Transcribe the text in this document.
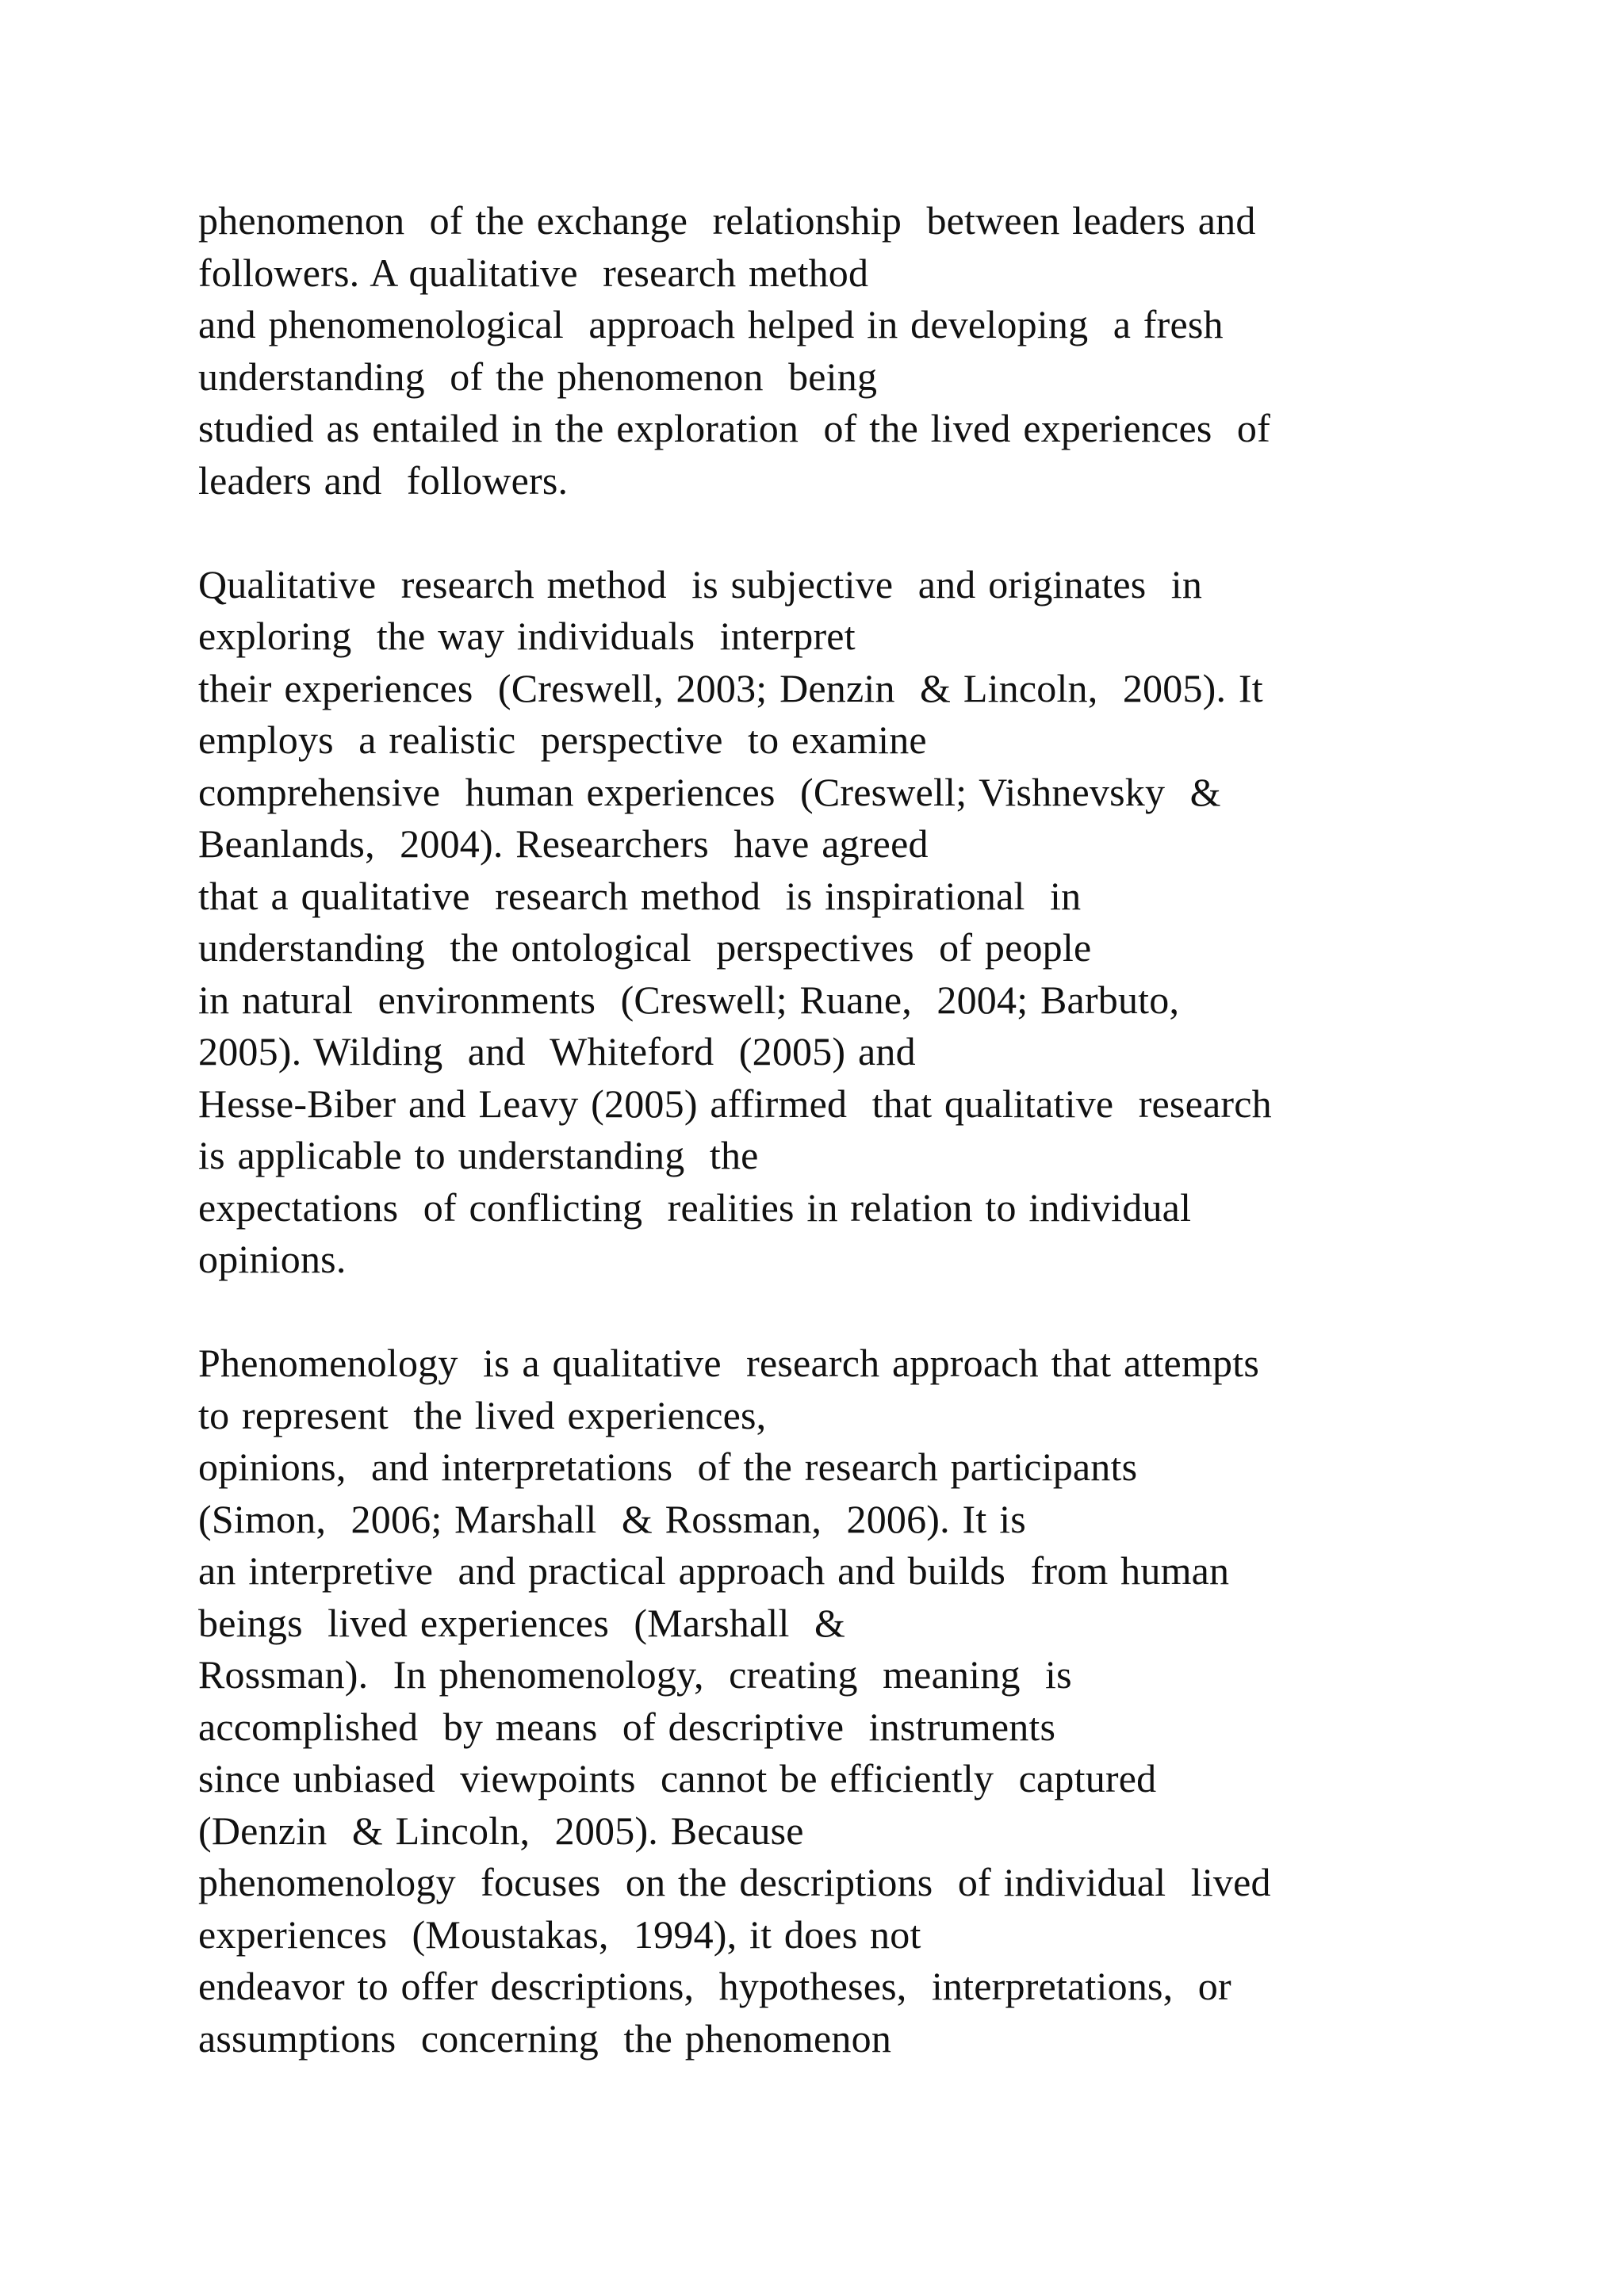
phenomenon  of the exchange  relationship  between leaders and
followers. A qualitative  research method
and phenomenological  approach helped in developing  a fresh
understanding  of the phenomenon  being
studied as entailed in the exploration  of the lived experiences  of
leaders and  followers.
Qualitative  research method  is subjective  and originates  in
exploring  the way individuals  interpret
their experiences  (Creswell, 2003; Denzin  & Lincoln,  2005). It
employs  a realistic  perspective  to examine
comprehensive  human experiences  (Creswell; Vishnevsky  &
Beanlands,  2004). Researchers  have agreed
that a qualitative  research method  is inspirational  in
understanding  the ontological  perspectives  of people
in natural  environments  (Creswell; Ruane,  2004; Barbuto,
2005). Wilding  and  Whiteford  (2005) and
Hesse-Biber and Leavy (2005) affirmed  that qualitative  research
is applicable to understanding  the
expectations  of conflicting  realities in relation to individual
opinions.
Phenomenology  is a qualitative  research approach that attempts
to represent  the lived experiences,
opinions,  and interpretations  of the research participants
(Simon,  2006; Marshall  & Rossman,  2006). It is
an interpretive  and practical approach and builds  from human
beings  lived experiences  (Marshall  &
Rossman).  In phenomenology,  creating  meaning  is
accomplished  by means  of descriptive  instruments
since unbiased  viewpoints  cannot be efficiently  captured
(Denzin  & Lincoln,  2005). Because
phenomenology  focuses  on the descriptions  of individual  lived
experiences  (Moustakas,  1994), it does not
endeavor to offer descriptions,  hypotheses,  interpretations,  or
assumptions  concerning  the phenomenon
